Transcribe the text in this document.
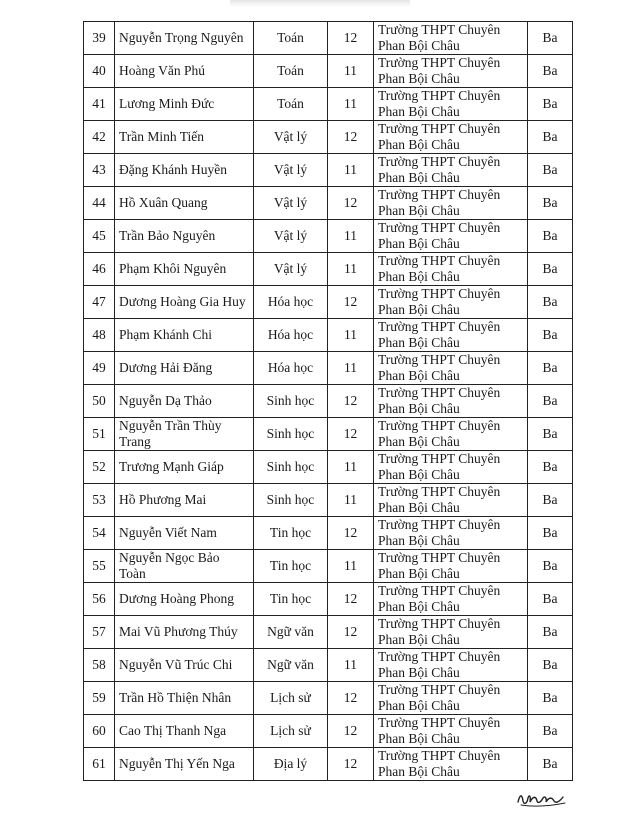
39	Nguyễn Trọng Nguyên	Toán	12	Trường THPT Chuyên Phan Bội Châu	Ba
40	Hoàng Văn Phú	Toán	11	Trường THPT Chuyên Phan Bội Châu	Ba
41	Lương Minh Đức	Toán	11	Trường THPT Chuyên Phan Bội Châu	Ba
42	Trần Minh Tiến	Vật lý	12	Trường THPT Chuyên Phan Bội Châu	Ba
43	Đặng Khánh Huyền	Vật lý	11	Trường THPT Chuyên Phan Bội Châu	Ba
44	Hồ Xuân Quang	Vật lý	12	Trường THPT Chuyên Phan Bội Châu	Ba
45	Trần Bảo Nguyên	Vật lý	11	Trường THPT Chuyên Phan Bội Châu	Ba
46	Phạm Khôi Nguyên	Vật lý	11	Trường THPT Chuyên Phan Bội Châu	Ba
47	Dương Hoàng Gia Huy	Hóa học	12	Trường THPT Chuyên Phan Bội Châu	Ba
48	Phạm Khánh Chi	Hóa học	11	Trường THPT Chuyên Phan Bội Châu	Ba
49	Dương Hải Đăng	Hóa học	11	Trường THPT Chuyên Phan Bội Châu	Ba
50	Nguyễn Dạ Thảo	Sinh học	12	Trường THPT Chuyên Phan Bội Châu	Ba
51	Nguyễn Trần Thùy Trang	Sinh học	12	Trường THPT Chuyên Phan Bội Châu	Ba
52	Trương Mạnh Giáp	Sinh học	11	Trường THPT Chuyên Phan Bội Châu	Ba
53	Hồ Phương Mai	Sinh học	11	Trường THPT Chuyên Phan Bội Châu	Ba
54	Nguyễn Viết Nam	Tin học	12	Trường THPT Chuyên Phan Bội Châu	Ba
55	Nguyễn Ngọc Bảo Toàn	Tin học	11	Trường THPT Chuyên Phan Bội Châu	Ba
56	Dương Hoàng Phong	Tin học	12	Trường THPT Chuyên Phan Bội Châu	Ba
57	Mai Vũ Phương Thúy	Ngữ văn	12	Trường THPT Chuyên Phan Bội Châu	Ba
58	Nguyễn Vũ Trúc Chi	Ngữ văn	11	Trường THPT Chuyên Phan Bội Châu	Ba
59	Trần Hồ Thiện Nhân	Lịch sử	12	Trường THPT Chuyên Phan Bội Châu	Ba
60	Cao Thị Thanh Nga	Lịch sử	12	Trường THPT Chuyên Phan Bội Châu	Ba
61	Nguyễn Thị Yến Nga	Địa lý	12	Trường THPT Chuyên Phan Bội Châu	Ba
